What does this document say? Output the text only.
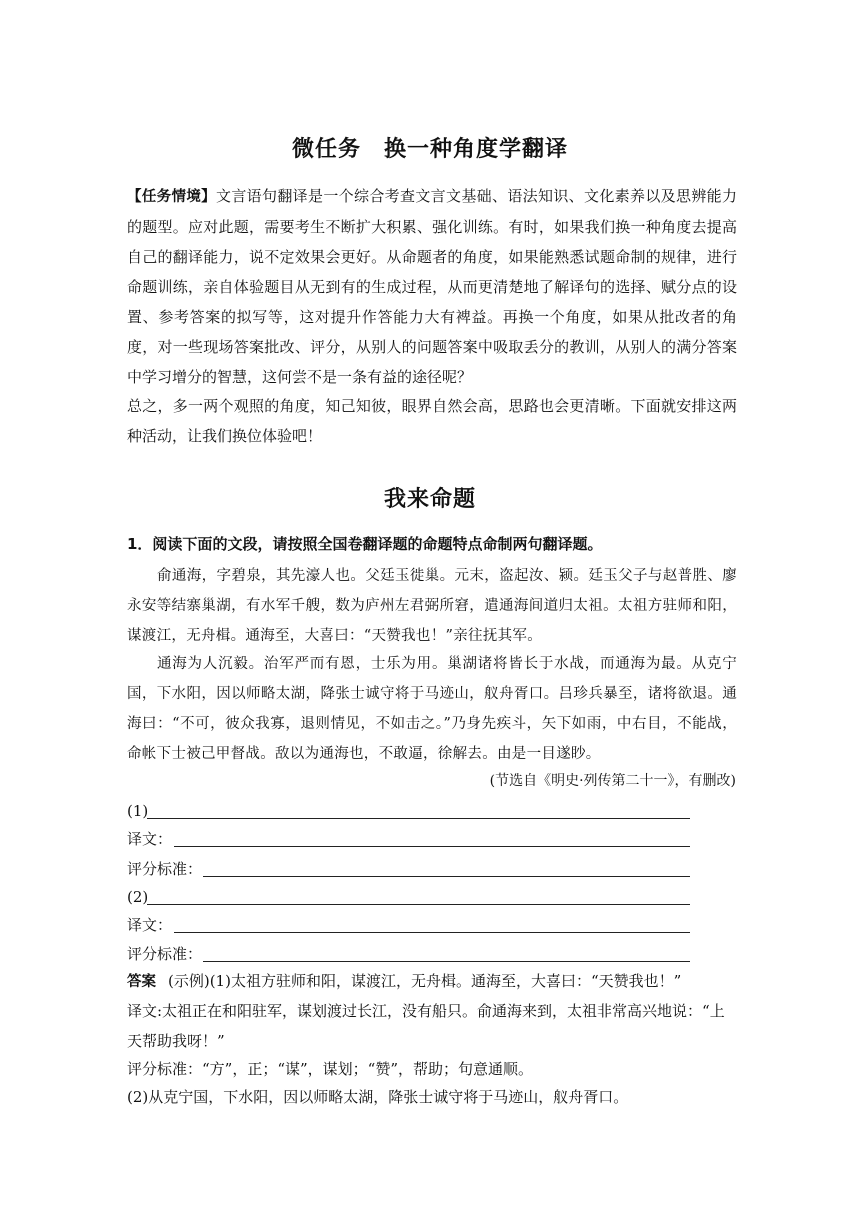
微任务　换一种角度学翻译
【任务情境】文言语句翻译是一个综合考查文言文基础、语法知识、文化素养以及思辨能力的题型。应对此题，需要考生不断扩大积累、强化训练。有时，如果我们换一种角度去提高自己的翻译能力，说不定效果会更好。从命题者的角度，如果能熟悉试题命制的规律，进行命题训练，亲自体验题目从无到有的生成过程，从而更清楚地了解译句的选择、赋分点的设置、参考答案的拟写等，这对提升作答能力大有裨益。再换一个角度，如果从批改者的角度，对一些现场答案批改、评分，从别人的问题答案中吸取丢分的教训，从别人的满分答案中学习增分的智慧，这何尝不是一条有益的途径呢？
总之，多一两个观照的角度，知己知彼，眼界自然会高，思路也会更清晰。下面就安排这两种活动，让我们换位体验吧！
我来命题
1．阅读下面的文段，请按照全国卷翻译题的命题特点命制两句翻译题。
俞通海，字碧泉，其先濠人也。父廷玉徙巢。元末，盗起汝、颍。廷玉父子与赵普胜、廖永安等结寨巢湖，有水军千艘，数为庐州左君弼所窘，遣通海间道归太祖。太祖方驻师和阳，谋渡江，无舟楫。通海至，大喜曰：“天赞我也！”亲往抚其军。
通海为人沉毅。治军严而有恩，士乐为用。巢湖诸将皆长于水战，而通海为最。从克宁国，下水阳，因以师略太湖，降张士诚守将于马迹山，舣舟胥口。吕珍兵暴至，诸将欲退。通海曰：“不可，彼众我寡，退则情见，不如击之。”乃身先疾斗，矢下如雨，中右目，不能战，命帐下士被己甲督战。敌以为通海也，不敢逼，徐解去。由是一目遂眇。
(节选自《明史·列传第二十一》，有删改)
(1)
译文：
评分标准：
(2)
译文：
评分标准：
答案 (示例)(1)太祖方驻师和阳，谋渡江，无舟楫。通海至，大喜曰：“天赞我也！”
译文:太祖正在和阳驻军，谋划渡过长江，没有船只。俞通海来到，太祖非常高兴地说：“上天帮助我呀！”
评分标准：“方”，正；“谋”，谋划；“赞”，帮助；句意通顺。
(2)从克宁国，下水阳，因以师略太湖，降张士诚守将于马迹山，舣舟胥口。
